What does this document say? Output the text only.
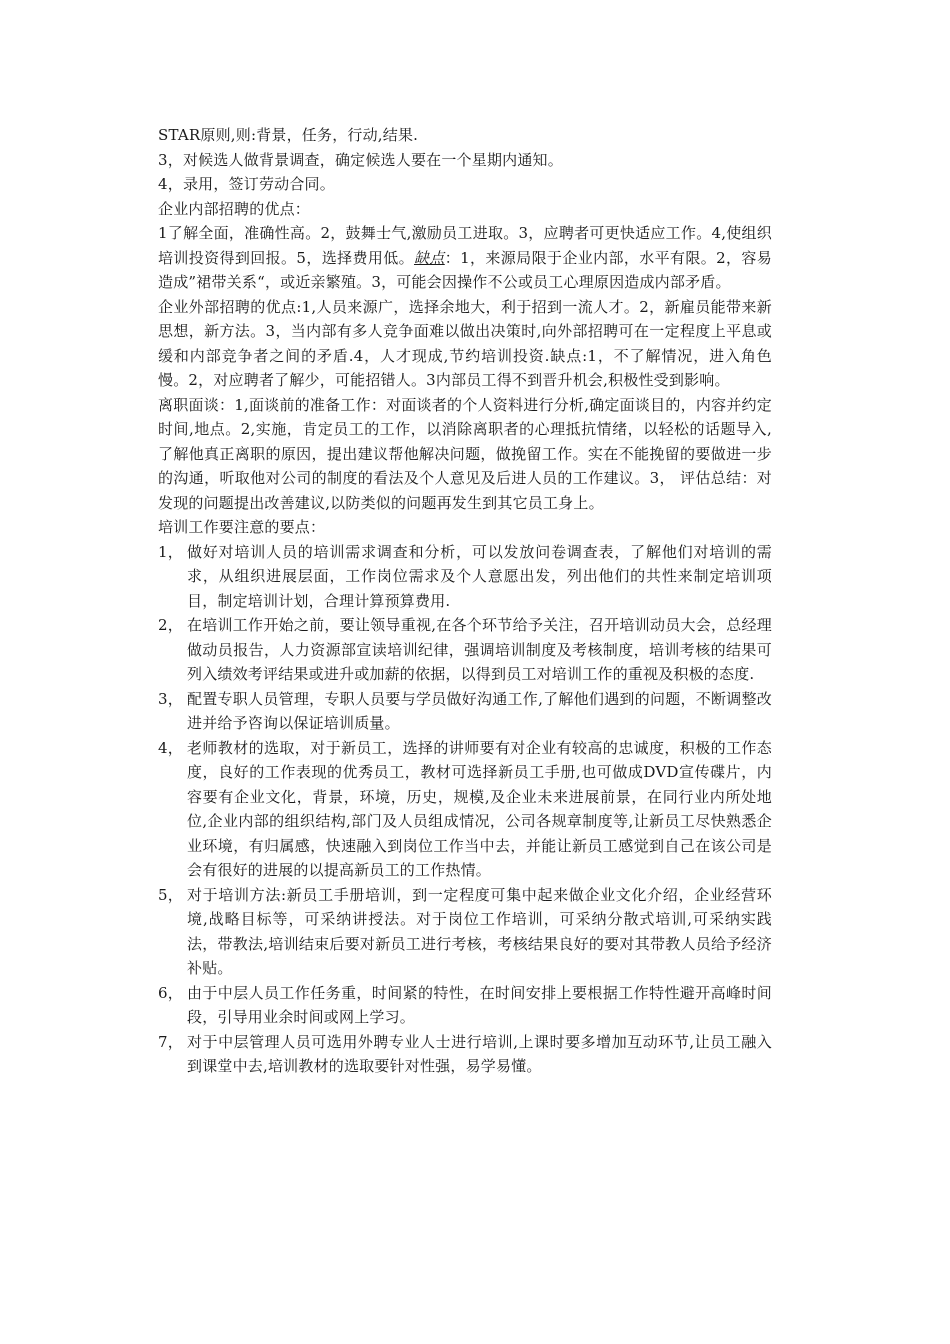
STAR原则,则:背景，任务，行动,结果.

3，对候选人做背景调查，确定候选人要在一个星期内通知。

4，录用，签订劳动合同。

企业内部招聘的优点：

1了解全面，准确性高。2，鼓舞士气,激励员工进取。3，应聘者可更快适应工作。4,使组织培训投资得到回报。5，选择费用低。缺点：1，来源局限于企业内部，水平有限。2，容易造成”裙带关系“，或近亲繁殖。3，可能会因操作不公或员工心理原因造成内部矛盾。

企业外部招聘的优点:1,人员来源广，选择余地大，利于招到一流人才。2，新雇员能带来新思想，新方法。3，当内部有多人竞争面难以做出决策时,向外部招聘可在一定程度上平息或缓和内部竞争者之间的矛盾.4，人才现成,节约培训投资.缺点:1，不了解情况，进入角色慢。2，对应聘者了解少，可能招错人。3内部员工得不到晋升机会,积极性受到影响。

离职面谈：1,面谈前的准备工作：对面谈者的个人资料进行分析,确定面谈目的，内容并约定时间,地点。2,实施，肯定员工的工作，以消除离职者的心理抵抗情绪，以轻松的话题导入,了解他真正离职的原因，提出建议帮他解决问题，做挽留工作。实在不能挽留的要做进一步的沟通，听取他对公司的制度的看法及个人意见及后进人员的工作建议。3， 评估总结：对发现的问题提出改善建议,以防类似的问题再发生到其它员工身上。

培训工作要注意的要点：

1， 做好对培训人员的培训需求调查和分析，可以发放问卷调查表，了解他们对培训的需求，从组织进展层面，工作岗位需求及个人意愿出发，列出他们的共性来制定培训项目，制定培训计划，合理计算预算费用.
2， 在培训工作开始之前，要让领导重视,在各个环节给予关注，召开培训动员大会，总经理做动员报告，人力资源部宣读培训纪律，强调培训制度及考核制度，培训考核的结果可列入绩效考评结果或进升或加薪的依据，以得到员工对培训工作的重视及积极的态度.
3， 配置专职人员管理，专职人员要与学员做好沟通工作,了解他们遇到的问题，不断调整改进并给予咨询以保证培训质量。
4， 老师教材的选取，对于新员工，选择的讲师要有对企业有较高的忠诚度，积极的工作态度，良好的工作表现的优秀员工，教材可选择新员工手册,也可做成DVD宣传碟片，内容要有企业文化，背景，环境，历史，规模,及企业未来进展前景，在同行业内所处地位,企业内部的组织结构,部门及人员组成情况，公司各规章制度等,让新员工尽快熟悉企业环境，有归属感，快速融入到岗位工作当中去，并能让新员工感觉到自己在该公司是会有很好的进展的以提高新员工的工作热情。
5， 对于培训方法:新员工手册培训，到一定程度可集中起来做企业文化介绍，企业经营环境,战略目标等，可采纳讲授法。对于岗位工作培训，可采纳分散式培训,可采纳实践法，带教法,培训结束后要对新员工进行考核，考核结果良好的要对其带教人员给予经济补贴。
6， 由于中层人员工作任务重，时间紧的特性，在时间安排上要根据工作特性避开高峰时间段，引导用业余时间或网上学习。
7， 对于中层管理人员可选用外聘专业人士进行培训,上课时要多增加互动环节,让员工融入到课堂中去,培训教材的选取要针对性强，易学易懂。
